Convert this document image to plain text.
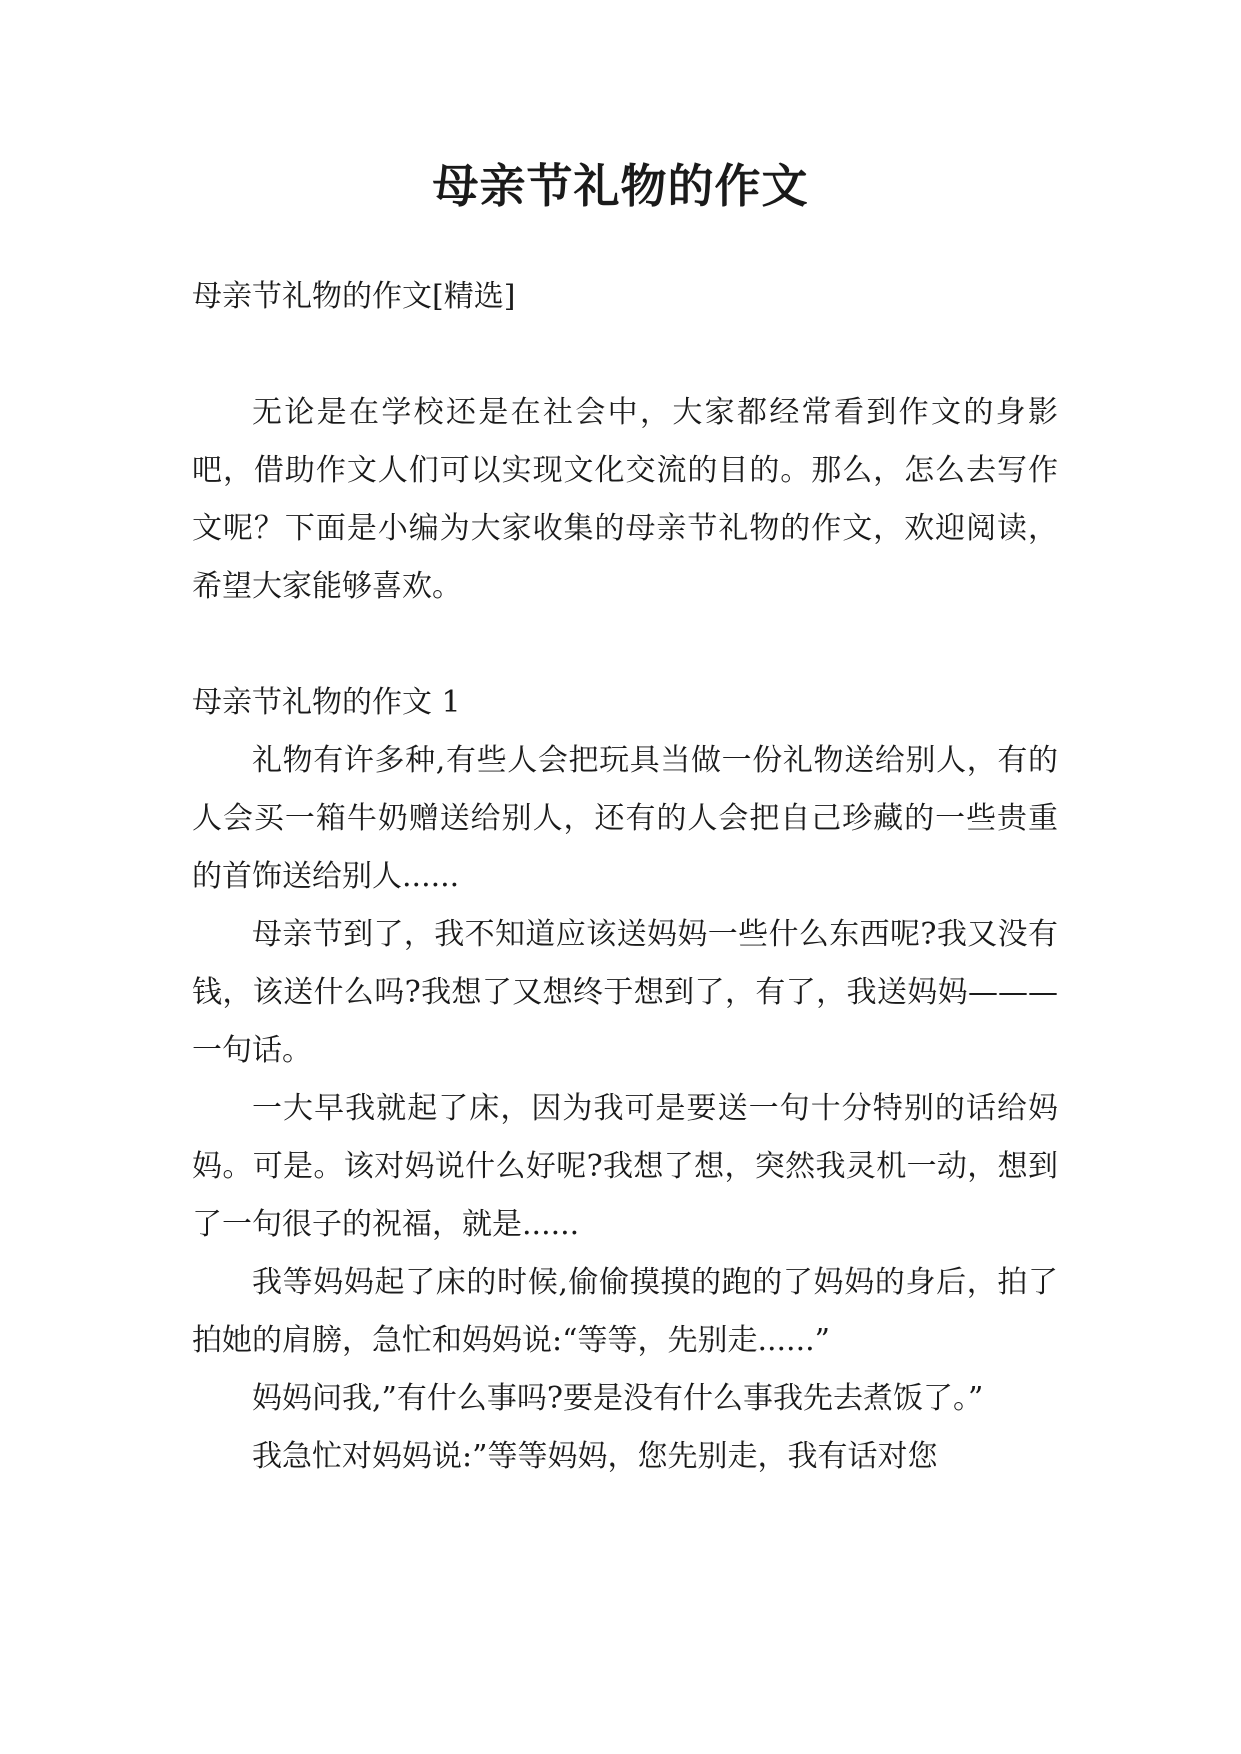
母亲节礼物的作文

母亲节礼物的作文[精选]

无论是在学校还是在社会中，大家都经常看到作文的身影吧，借助作文人们可以实现文化交流的目的。那么，怎么去写作文呢？下面是小编为大家收集的母亲节礼物的作文，欢迎阅读，希望大家能够喜欢。

母亲节礼物的作文 1

礼物有许多种,有些人会把玩具当做一份礼物送给别人，有的人会买一箱牛奶赠送给别人，还有的人会把自己珍藏的一些贵重的首饰送给别人......

母亲节到了，我不知道应该送妈妈一些什么东西呢?我又没有钱，该送什么吗?我想了又想终于想到了，有了，我送妈妈———一句话。

一大早我就起了床，因为我可是要送一句十分特别的话给妈妈。可是。该对妈说什么好呢?我想了想，突然我灵机一动，想到了一句很子的祝福，就是......

我等妈妈起了床的时候,偷偷摸摸的跑的了妈妈的身后，拍了拍她的肩膀，急忙和妈妈说:“等等，先别走......”

妈妈问我,”有什么事吗?要是没有什么事我先去煮饭了。”

我急忙对妈妈说:”等等妈妈，您先别走，我有话对您
